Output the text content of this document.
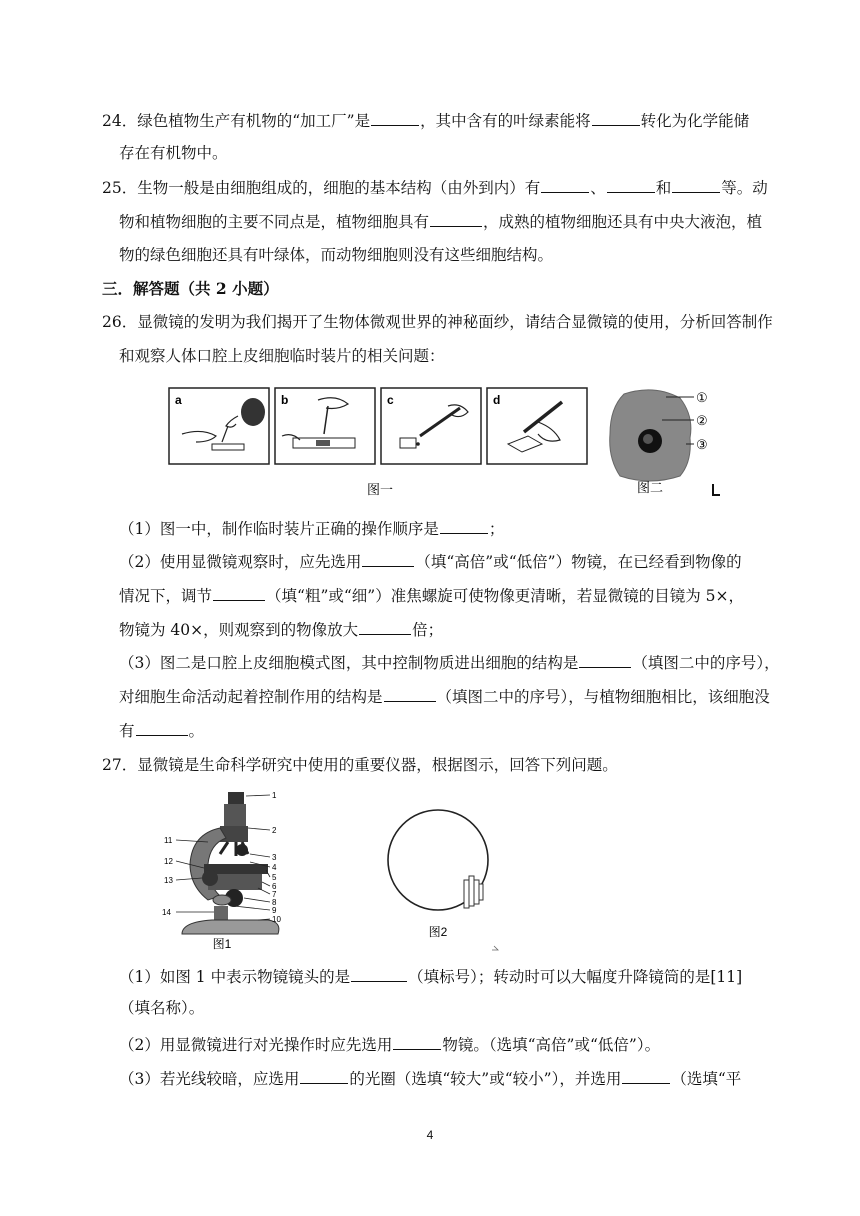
24．绿色植物生产有机物的“加工厂”是	，其中含有的叶绿素能将	转化为化学能储
存在有机物中。
25．生物一般是由细胞组成的，细胞的基本结构（由外到内）有	、	和	等。动
物和植物细胞的主要不同点是，植物细胞具有	，成熟的植物细胞还具有中央大液泡，植
物的绿色细胞还具有叶绿体，而动物细胞则没有这些细胞结构。
三．解答题（共 2 小题）
26．显微镜的发明为我们揭开了生物体微观世界的神秘面纱，请结合显微镜的使用，分析回答制作
和观察人体口腔上皮细胞临时装片的相关问题：
a	b	c	d
图一
①
②
③
图二
（1）图一中，制作临时装片正确的操作顺序是	；
（2）使用显微镜观察时，应先选用	（填“高倍”或“低倍”）物镜，在已经看到物像的
情况下，调节	（填“粗”或“细”）准焦螺旋可使物像更清晰，若显微镜的目镜为 5×，
物镜为 40×，则观察到的物像放大	倍；
（3）图二是口腔上皮细胞模式图，其中控制物质进出细胞的结构是	（填图二中的序号），
对细胞生命活动起着控制作用的结构是	（填图二中的序号），与植物细胞相比，该细胞没
有	。
27．显微镜是生命科学研究中使用的重要仪器，根据图示，回答下列问题。
1
2
3
4
5
6
7
8
9
10
11
12
13
14
图1
图2
（1）如图 1 中表示物镜镜头的是	（填标号）；转动时可以大幅度升降镜筒的是[11]
（填名称）。
（2）用显微镜进行对光操作时应先选用	物镜。（选填“高倍”或“低倍”）。
（3）若光线较暗，应选用	的光圈（选填“较大”或“较小”），并选用	（选填“平
4
